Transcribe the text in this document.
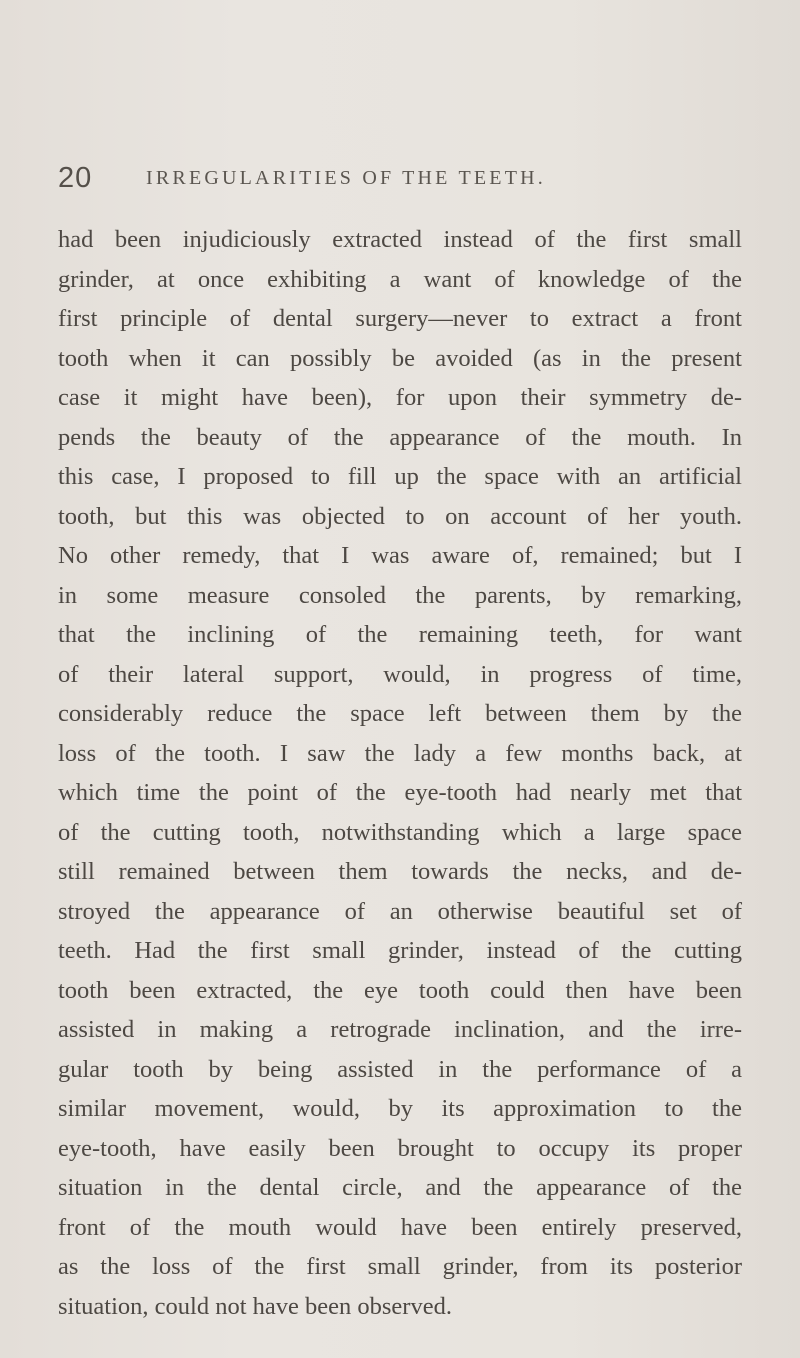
20	IRREGULARITIES OF THE TEETH.
had been injudiciously extracted instead of the first small
grinder, at once exhibiting a want of knowledge of the
first principle of dental surgery—never to extract a front
tooth when it can possibly be avoided (as in the present
case it might have been), for upon their symmetry de-
pends the beauty of the appearance of the mouth. In
this case, I proposed to fill up the space with an artificial
tooth, but this was objected to on account of her youth.
No other remedy, that I was aware of, remained; but I
in some measure consoled the parents, by remarking,
that the inclining of the remaining teeth, for want
of their lateral support, would, in progress of time,
considerably reduce the space left between them by the
loss of the tooth. I saw the lady a few months back, at
which time the point of the eye-tooth had nearly met that
of the cutting tooth, notwithstanding which a large space
still remained between them towards the necks, and de-
stroyed the appearance of an otherwise beautiful set of
teeth. Had the first small grinder, instead of the cutting
tooth been extracted, the eye tooth could then have been
assisted in making a retrograde inclination, and the irre-
gular tooth by being assisted in the performance of a
similar movement, would, by its approximation to the
eye-tooth, have easily been brought to occupy its proper
situation in the dental circle, and the appearance of the
front of the mouth would have been entirely preserved,
as the loss of the first small grinder, from its posterior
situation, could not have been observed.
